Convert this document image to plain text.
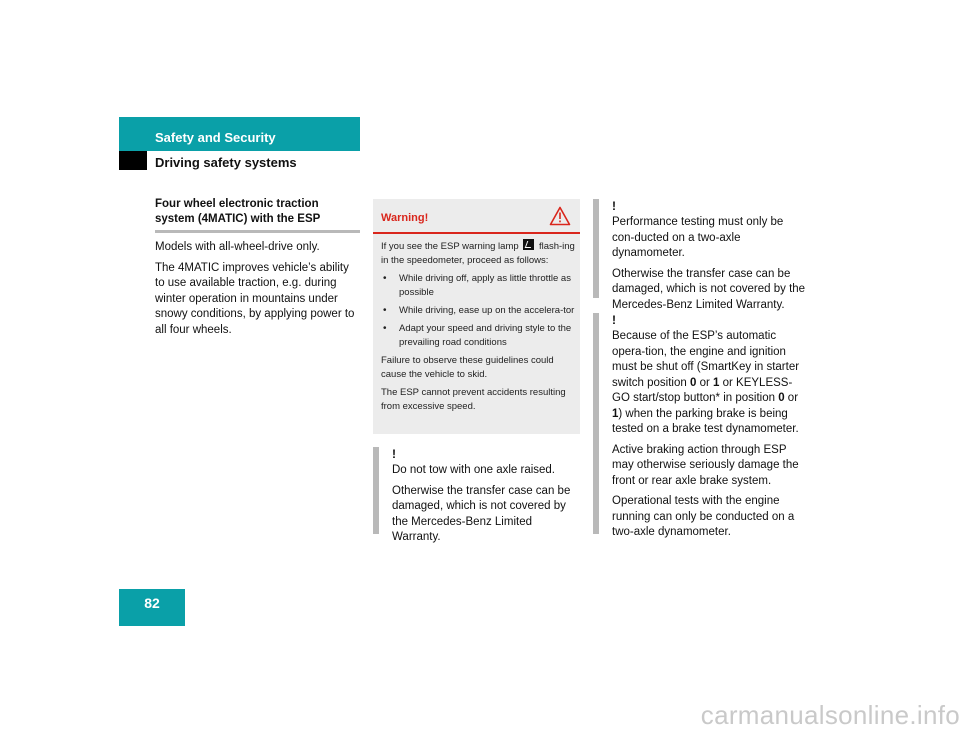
Safety and Security
Driving safety systems
Four wheel electronic traction system (4MATIC) with the ESP

Models with all-wheel-drive only.

The 4MATIC improves vehicle’s ability to use available traction, e.g. during winter operation in mountains under snowy conditions, by applying power to all four wheels.

Warning!

If you see the ESP warning lamp flash-ing in the speedometer, proceed as follows:

• While driving off, apply as little throttle as possible
• While driving, ease up on the accelera-tor
• Adapt your speed and driving style to the prevailing road conditions

Failure to observe these guidelines could cause the vehicle to skid.

The ESP cannot prevent accidents resulting from excessive speed.

!

Do not tow with one axle raised.

Otherwise the transfer case can be damaged, which is not covered by the Mercedes-Benz Limited Warranty.

!

Performance testing must only be con-ducted on a two-axle dynamometer.

Otherwise the transfer case can be damaged, which is not covered by the Mercedes-Benz Limited Warranty.

!

Because of the ESP’s automatic opera-tion, the engine and ignition must be shut off (SmartKey in starter switch position 0 or 1 or KEYLESS-GO start/stop button* in position 0 or 1) when the parking brake is being tested on a brake test dynamometer.

Active braking action through ESP may otherwise seriously damage the front or rear axle brake system.

Operational tests with the engine running can only be conducted on a two-axle dynamometer.

82
carmanualsonline.info
